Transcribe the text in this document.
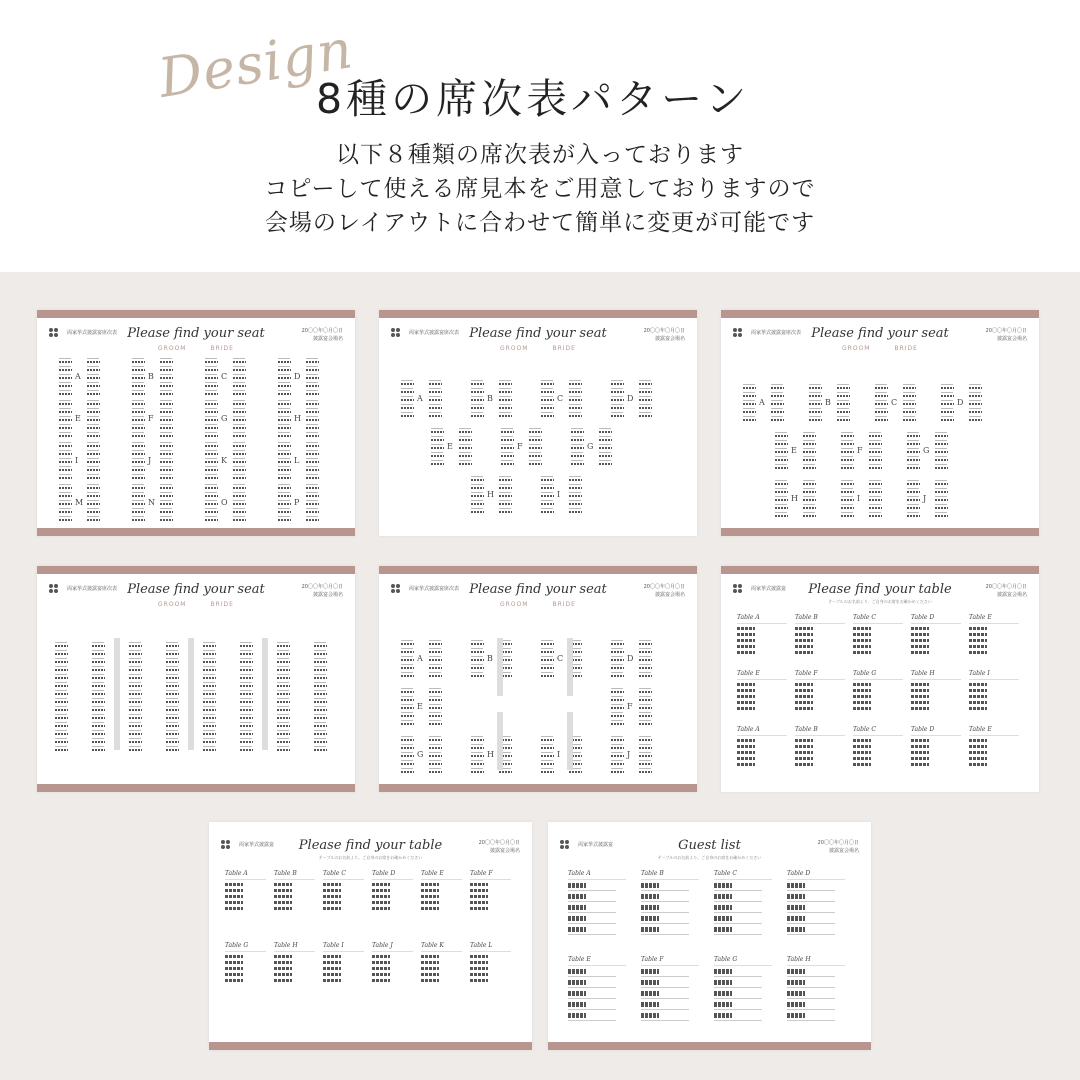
Design
8種の席次表パターン
以下８種類の席次表が入っております
コピーして使える席見本をご用意しておりますので
会場のレイアウトに合わせて簡単に変更が可能です
両家挙式披露宴席次表 Please find your seat	20〇〇年〇月〇日
披露宴会場名
GROOM	BRIDE
A	B	C	D
E	F	G	H
I	J	K	L
M	N	O	P
両家挙式披露宴席次表 Please find your seat	20〇〇年〇月〇日
披露宴会場名
GROOM	BRIDE
A	B	C	D
E	F	G
H	I
両家挙式披露宴席次表 Please find your seat	20〇〇年〇月〇日
披露宴会場名
GROOM	BRIDE
A	B	C	D
E	F	G
H	I	J
両家挙式披露宴席次表 Please find your seat	20〇〇年〇月〇日
披露宴会場名
GROOM	BRIDE
両家挙式披露宴席次表 Please find your seat	20〇〇年〇月〇日
披露宴会場名
GROOM	BRIDE
A	B	C	D
E	F
G	H	I	J
両家挙式披露宴	Please find your table	20〇〇年〇月〇日
披露宴会場名
テーブルのお名前より、ご自身のお席をお確かめください
Table A	Table B	Table C	Table D	Table E
Table E	Table F	Table G	Table H	Table I
Table A	Table B	Table C	Table D	Table E
両家挙式披露宴	Please find your table	20〇〇年〇月〇日
披露宴会場名
テーブルのお名前より、ご自身のお席をお確かめください
Table A	Table B	Table C	Table D	Table E	Table F
Table G	Table H	Table I	Table J	Table K	Table L
両家挙式披露宴	Guest list	20〇〇年〇月〇日
披露宴会場名
テーブルのお名前より、ご自身のお席をお確かめください
Table A	Table B	Table C	Table D
Table E	Table F	Table G	Table H
